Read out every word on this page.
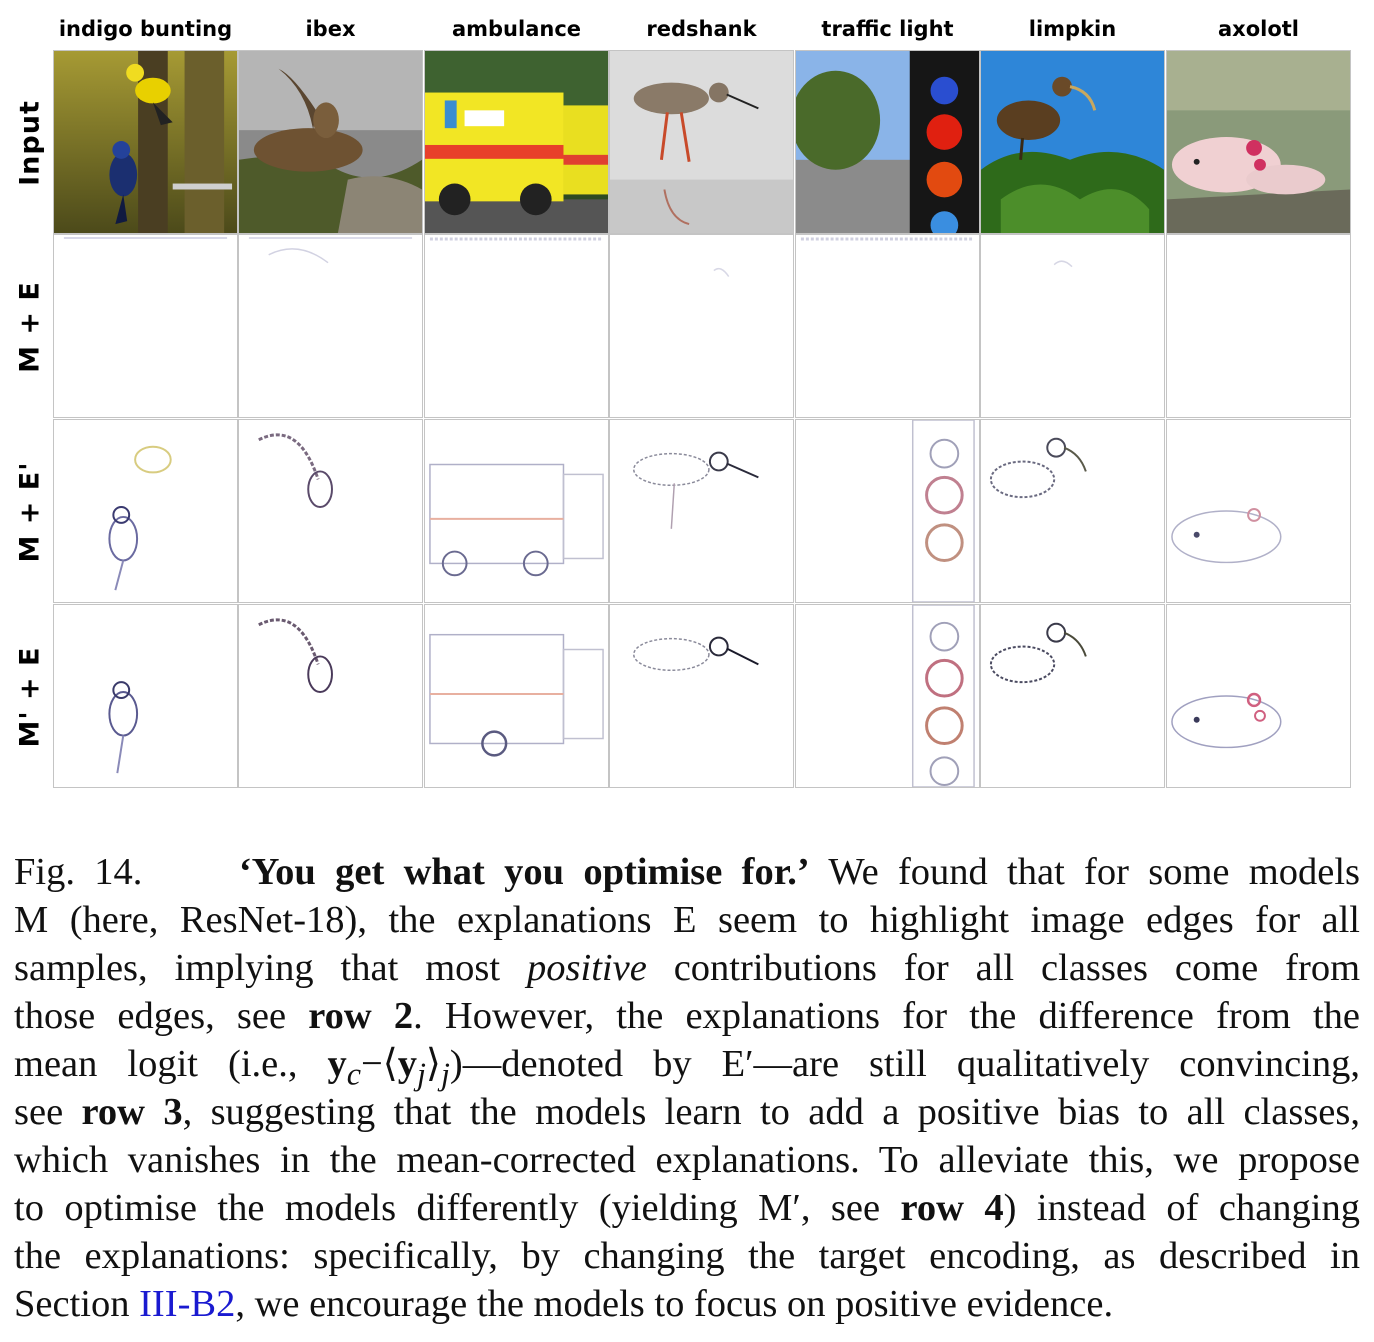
indigo bunting	ibex	ambulance	redshank	traffic light	limpkin	axolotl
Input
M + E
M + E'
M' + E
Fig. 14.	‘You get what you optimise for.’ We found that for some models
M (here, ResNet-18), the explanations E seem to highlight image edges for all
samples, implying that most positive contributions for all classes come from
those edges, see row 2. However, the explanations for the difference from the
mean logit (i.e., $y_c-⟨y_j⟩_j)—denoted$ by E′—are still qualitatively convincing,
see row 3, suggesting that the models learn to add a positive bias to all classes,
which vanishes in the mean-corrected explanations. To alleviate this, we propose
to optimise the models differently (yielding M′, see row 4) instead of changing
the explanations: specifically, by changing the target encoding, as described in
Section III-B2, we encourage the models to focus on positive evidence.
